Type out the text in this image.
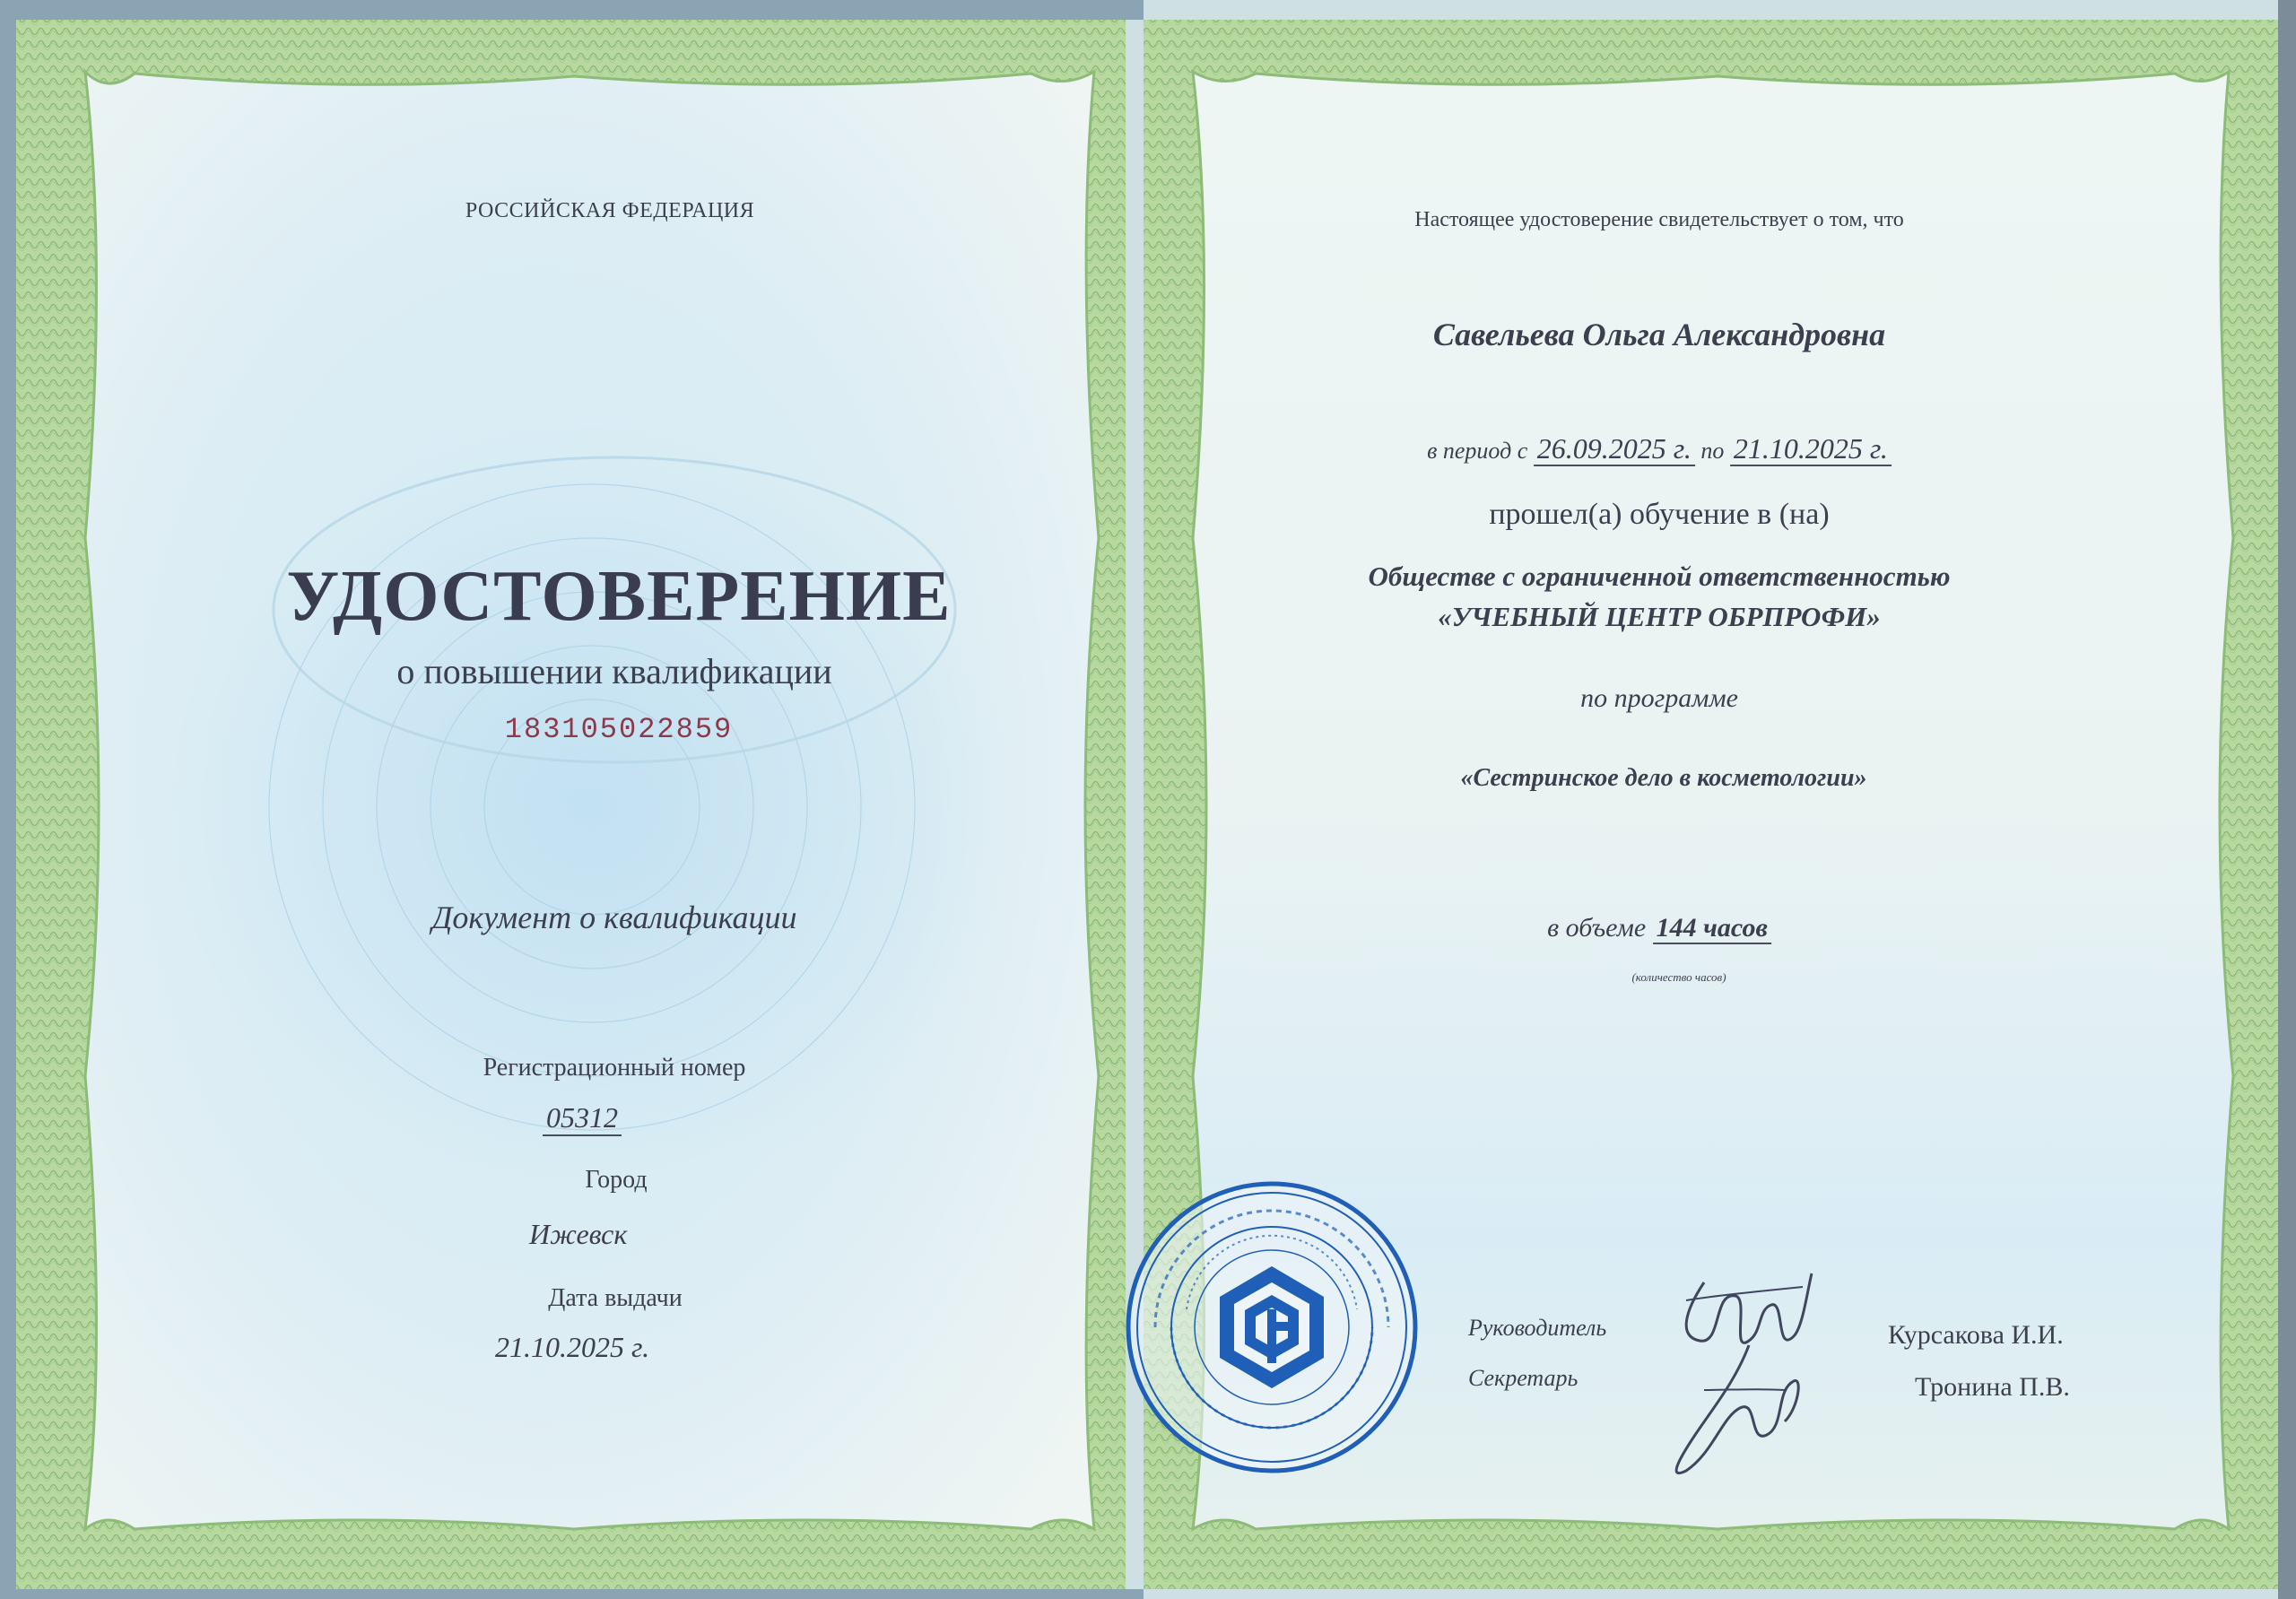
РОССИЙСКАЯ ФЕДЕРАЦИЯ
УДОСТОВЕРЕНИЕ
о повышении квалификации
183105022859
Документ о квалификации
Регистрационный номер
05312
Город
Ижевск
Дата выдачи
21.10.2025 г.
Настоящее удостоверение свидетельствует о том, что
Савельева Ольга Александровна
в период с 26.09.2025 г. по 21.10.2025 г.
прошел(а) обучение в (на)
Обществе с ограниченной ответственностью
«УЧЕБНЫЙ ЦЕНТР ОБРПРОФИ»
по программе
«Сестринское дело в косметологии»
в объеме 144 часов
(количество часов)
Руководитель	Курсакова И.И.
Секретарь	Тронина П.В.
